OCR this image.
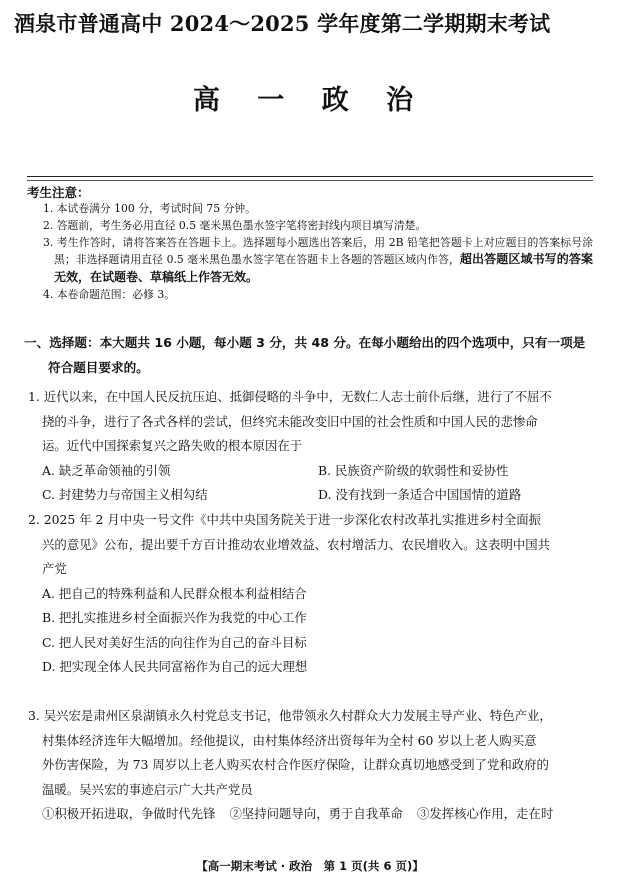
酒泉市普通高中 2024～2025 学年度第二学期期末考试
高 一 政 治
考生注意：
1. 本试卷满分 100 分，考试时间 75 分钟。
2. 答题前，考生务必用直径 0.5 毫米黑色墨水签字笔将密封线内项目填写清楚。
3. 考生作答时，请将答案答在答题卡上。选择题每小题选出答案后，用 2B 铅笔把答题卡上对应题目的答案标号涂黑；非选择题请用直径 0.5 毫米黑色墨水签字笔在答题卡上各题的答题区域内作答，超出答题区域书写的答案无效，在试题卷、草稿纸上作答无效。
4. 本卷命题范围：必修 3。
一、选择题：本大题共 16 小题，每小题 3 分，共 48 分。在每小题给出的四个选项中，只有一项是
符合题目要求的。
1. 近代以来，在中国人民反抗压迫、抵御侵略的斗争中，无数仁人志士前仆后继，进行了不屈不
挠的斗争，进行了各式各样的尝试，但终究未能改变旧中国的社会性质和中国人民的悲惨命
运。近代中国探索复兴之路失败的根本原因在于
A. 缺乏革命领袖的引领	B. 民族资产阶级的软弱性和妥协性
C. 封建势力与帝国主义相勾结	D. 没有找到一条适合中国国情的道路
2. 2025 年 2 月中央一号文件《中共中央国务院关于进一步深化农村改革扎实推进乡村全面振
兴的意见》公布，提出要千方百计推动农业增效益、农村增活力、农民增收入。这表明中国共
产党
A. 把自己的特殊利益和人民群众根本利益相结合
B. 把扎实推进乡村全面振兴作为我党的中心工作
C. 把人民对美好生活的向往作为自己的奋斗目标
D. 把实现全体人民共同富裕作为自己的远大理想
3. 吴兴宏是肃州区泉湖镇永久村党总支书记，他带领永久村群众大力发展主导产业、特色产业，
村集体经济连年大幅增加。经他提议，由村集体经济出资每年为全村 60 岁以上老人购买意
外伤害保险，为 73 周岁以上老人购买农村合作医疗保险，让群众真切地感受到了党和政府的
温暖。吴兴宏的事迹启示广大共产党员
①积极开拓进取，争做时代先锋 ②坚持问题导向，勇于自我革命 ③发挥核心作用，走在时
【高一期末考试 · 政治　第 1 页(共 6 页)】
